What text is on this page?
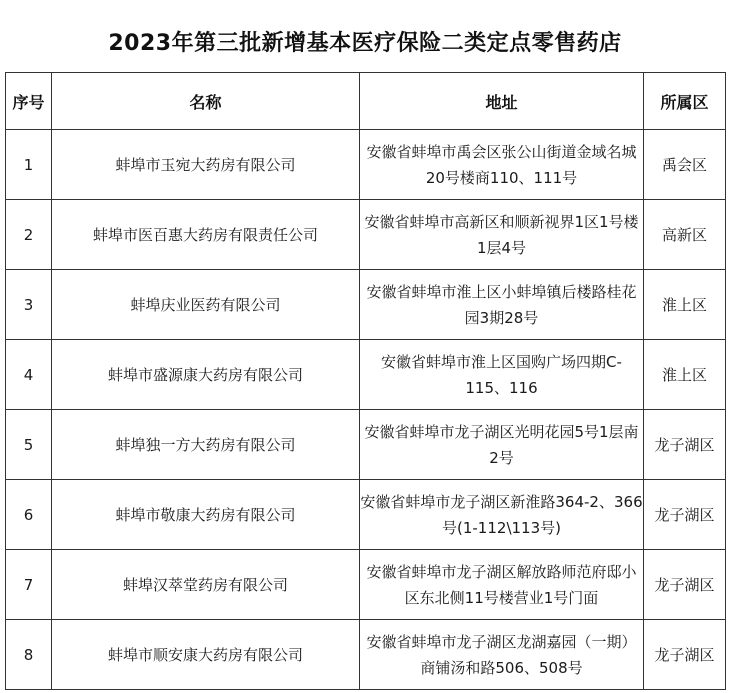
2023年第三批新增基本医疗保险二类定点零售药店
序号	名称	地址	所属区
1	蚌埠市玉宛大药房有限公司	安徽省蚌埠市禹会区张公山街道金域名城20号楼商110、111号	禹会区
2	蚌埠市医百惠大药房有限责任公司	安徽省蚌埠市高新区和顺新视界1区1号楼1层4号	高新区
3	蚌埠庆业医药有限公司	安徽省蚌埠市淮上区小蚌埠镇后楼路桂花园3期28号	淮上区
4	蚌埠市盛源康大药房有限公司	安徽省蚌埠市淮上区国购广场四期C-115、116	淮上区
5	蚌埠独一方大药房有限公司	安徽省蚌埠市龙子湖区光明花园5号1层南2号	龙子湖区
6	蚌埠市敬康大药房有限公司	安徽省蚌埠市龙子湖区新淮路364-2、366号(1-112\113号)	龙子湖区
7	蚌埠汉萃堂药房有限公司	安徽省蚌埠市龙子湖区解放路师范府邸小区东北侧11号楼营业1号门面	龙子湖区
8	蚌埠市顺安康大药房有限公司	安徽省蚌埠市龙子湖区龙湖嘉园（一期）商铺汤和路506、508号	龙子湖区
